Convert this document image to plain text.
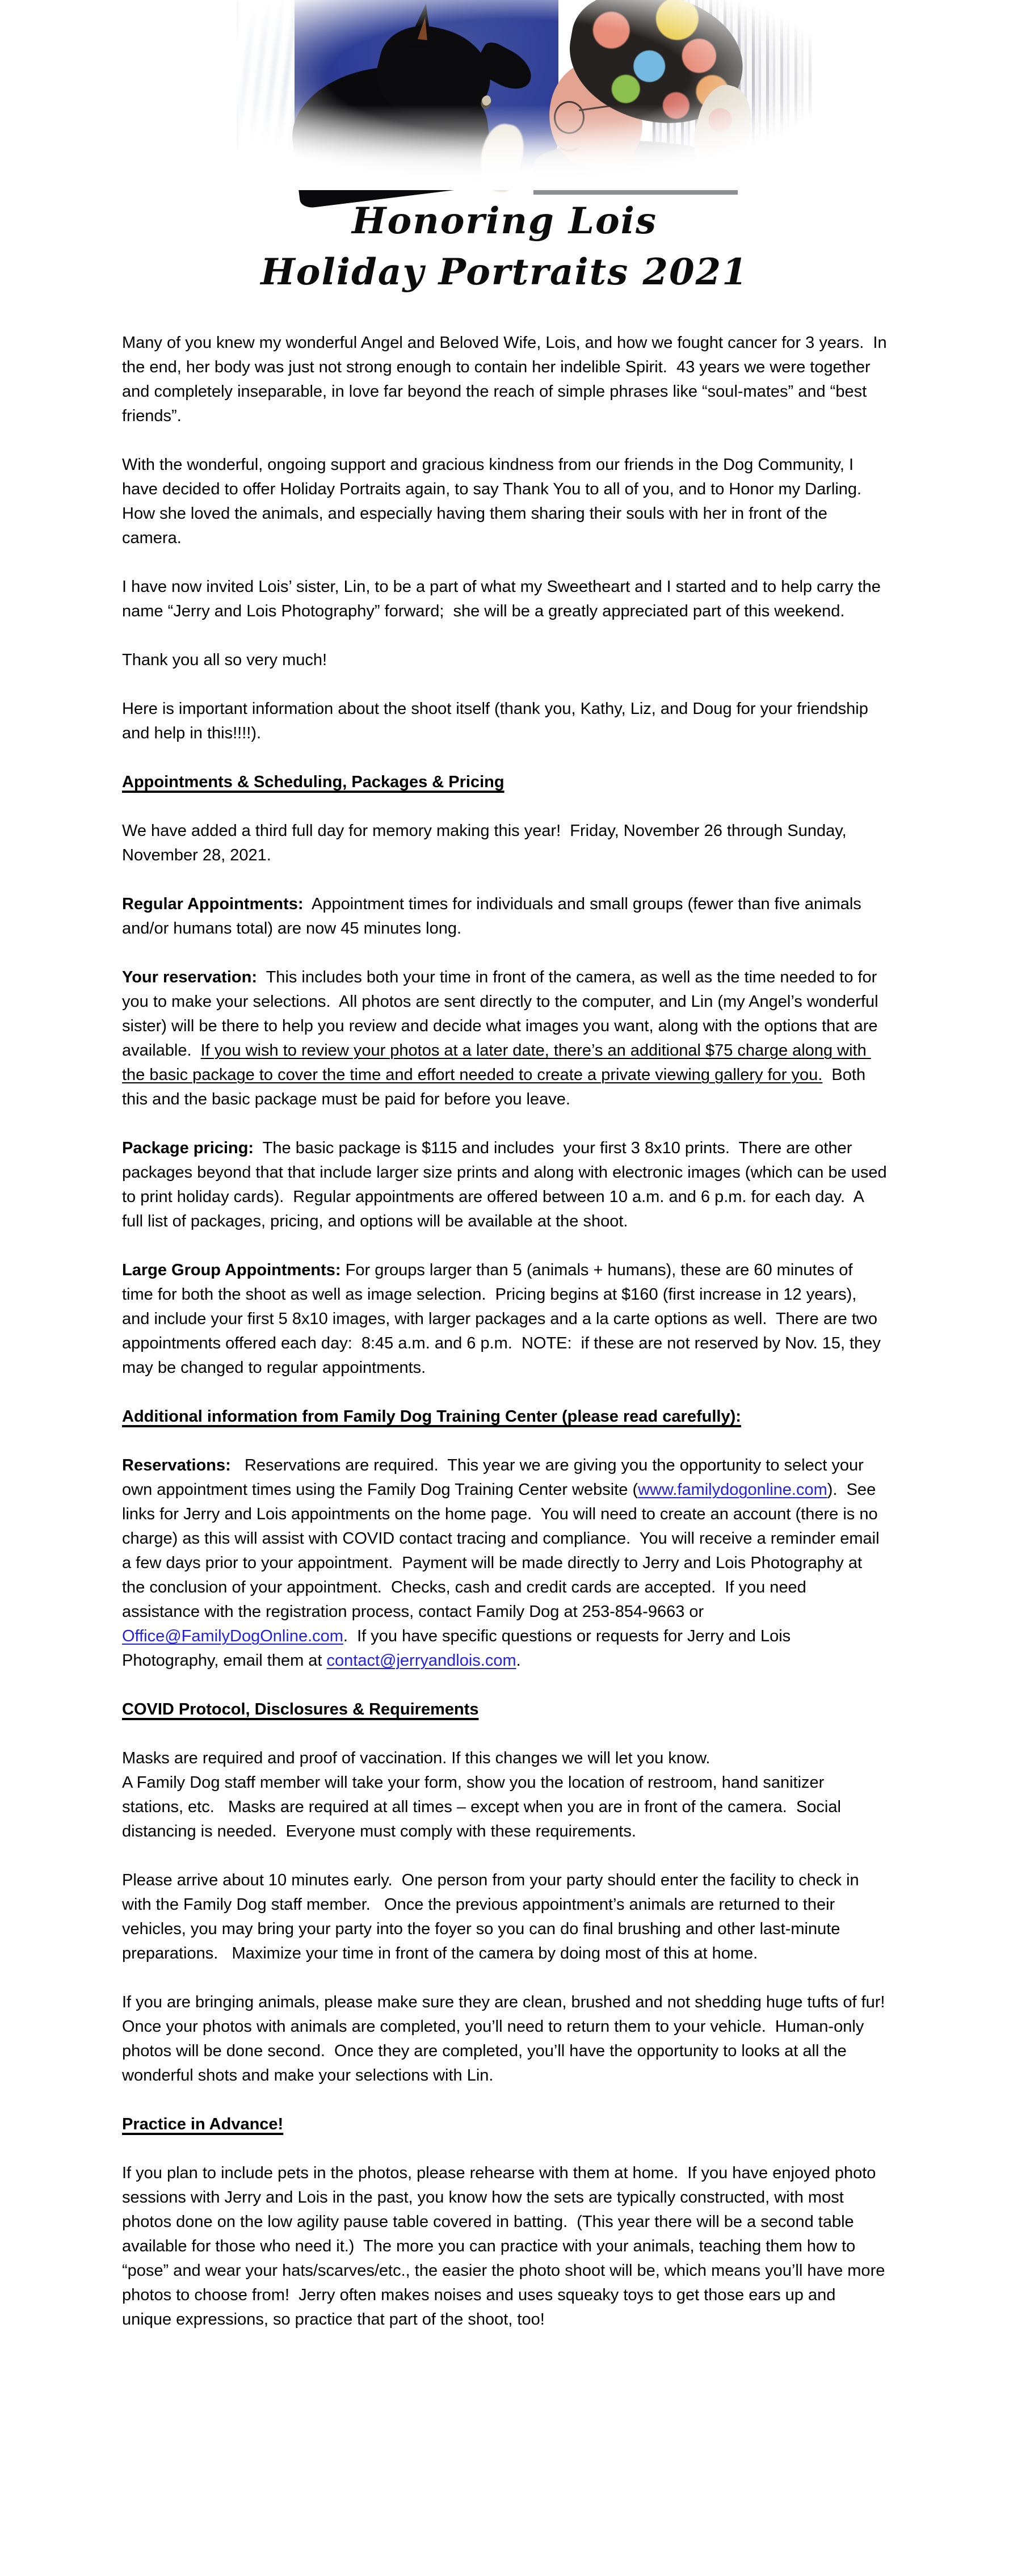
Honoring Lois
Holiday Portraits 2021

Many of you knew my wonderful Angel and Beloved Wife, Lois, and how we fought cancer for 3 years.  In the end, her body was just not strong enough to contain her indelible Spirit.  43 years we were together and completely inseparable, in love far beyond the reach of simple phrases like “soul-mates” and “best friends”.

With the wonderful, ongoing support and gracious kindness from our friends in the Dog Community, I have decided to offer Holiday Portraits again, to say Thank You to all of you, and to Honor my Darling.  How she loved the animals, and especially having them sharing their souls with her in front of the camera.

I have now invited Lois’ sister, Lin, to be a part of what my Sweetheart and I started and to help carry the name “Jerry and Lois Photography” forward;  she will be a greatly appreciated part of this weekend.

Thank you all so very much!

Here is important information about the shoot itself (thank you, Kathy, Liz, and Doug for your friendship and help in this!!!!).

Appointments & Scheduling, Packages & Pricing

We have added a third full day for memory making this year!  Friday, November 26 through Sunday, November 28, 2021.

Regular Appointments:  Appointment times for individuals and small groups (fewer than five animals and/or humans total) are now 45 minutes long.

Your reservation:  This includes both your time in front of the camera, as well as the time needed to for you to make your selections.  All photos are sent directly to the computer, and Lin (my Angel’s wonderful sister) will be there to help you review and decide what images you want, along with the options that are available.  If you wish to review your photos at a later date, there’s an additional $75 charge along with the basic package to cover the time and effort needed to create a private viewing gallery for you.  Both this and the basic package must be paid for before you leave.

Package pricing:  The basic package is $115 and includes  your first 3 8x10 prints.  There are other packages beyond that that include larger size prints and along with electronic images (which can be used to print holiday cards).  Regular appointments are offered between 10 a.m. and 6 p.m. for each day.  A full list of packages, pricing, and options will be available at the shoot.

Large Group Appointments: For groups larger than 5 (animals + humans), these are 60 minutes of time for both the shoot as well as image selection.  Pricing begins at $160 (first increase in 12 years), and include your first 5 8x10 images, with larger packages and a la carte options as well.  There are two appointments offered each day:  8:45 a.m. and 6 p.m.  NOTE:  if these are not reserved by Nov. 15, they may be changed to regular appointments.

Additional information from Family Dog Training Center (please read carefully):

Reservations:   Reservations are required.  This year we are giving you the opportunity to select your own appointment times using the Family Dog Training Center website (www.familydogonline.com).  See links for Jerry and Lois appointments on the home page.  You will need to create an account (there is no charge) as this will assist with COVID contact tracing and compliance.  You will receive a reminder email a few days prior to your appointment.  Payment will be made directly to Jerry and Lois Photography at the conclusion of your appointment.  Checks, cash and credit cards are accepted.  If you need assistance with the registration process, contact Family Dog at 253-854-9663 or Office@FamilyDogOnline.com.  If you have specific questions or requests for Jerry and Lois Photography, email them at contact@jerryandlois.com.

COVID Protocol, Disclosures & Requirements

Masks are required and proof of vaccination. If this changes we will let you know.
A Family Dog staff member will take your form, show you the location of restroom, hand sanitizer stations, etc.   Masks are required at all times – except when you are in front of the camera.  Social distancing is needed.  Everyone must comply with these requirements.

Please arrive about 10 minutes early.  One person from your party should enter the facility to check in with the Family Dog staff member.   Once the previous appointment’s animals are returned to their vehicles, you may bring your party into the foyer so you can do final brushing and other last-minute preparations.   Maximize your time in front of the camera by doing most of this at home.

If you are bringing animals, please make sure they are clean, brushed and not shedding huge tufts of fur!   Once your photos with animals are completed, you’ll need to return them to your vehicle.  Human-only photos will be done second.  Once they are completed, you’ll have the opportunity to looks at all the wonderful shots and make your selections with Lin.

Practice in Advance!

If you plan to include pets in the photos, please rehearse with them at home.  If you have enjoyed photo sessions with Jerry and Lois in the past, you know how the sets are typically constructed, with most photos done on the low agility pause table covered in batting.  (This year there will be a second table available for those who need it.)  The more you can practice with your animals, teaching them how to “pose” and wear your hats/scarves/etc., the easier the photo shoot will be, which means you’ll have more photos to choose from!  Jerry often makes noises and uses squeaky toys to get those ears up and unique expressions, so practice that part of the shoot, too!
